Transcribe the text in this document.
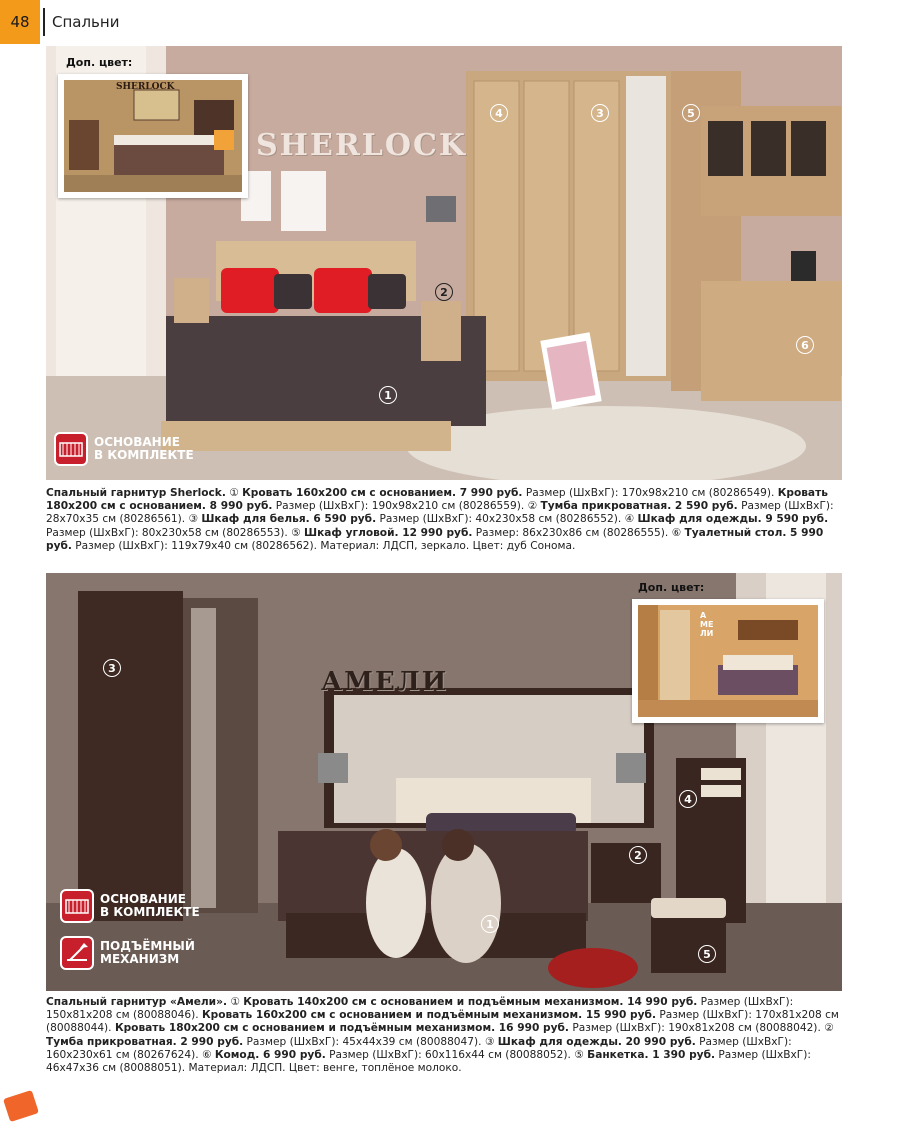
48	Спальни
Доп. цвет:
SHERLOCK
SHERLOCK
1
2
3
4	5
6
ОСНОВАНИЕ
В КОМПЛЕКТЕ
Спальный гарнитур Sherlock. ① Кровать 160x200 см с основанием. 7 990 руб. Размер (ШхВхГ): 170x98x210 см (80286549). Кровать 180x200 см с основанием. 8 990 руб. Размер (ШхВхГ): 190x98x210 см (80286559). ② Тумба прикроватная. 2 590 руб. Размер (ШхВхГ): 28x70x35 см (80286561). ③ Шкаф для белья. 6 590 руб. Размер (ШхВхГ): 40x230x58 см (80286552). ④ Шкаф для одежды. 9 590 руб. Размер (ШхВхГ): 80x230x58 см (80286553). ⑤ Шкаф угловой. 12 990 руб. Размер: 86x230x86 см (80286555). ⑥ Туалетный стол. 5 990 руб. Размер (ШхВхГ): 119x79x40 см (80286562). Материал: ЛДСП, зеркало. Цвет: дуб Сонома.
АМЕЛИ
Доп. цвет:
АМЕЛИ
1
2
3
4
5
ОСНОВАНИЕ
В КОМПЛЕКТЕ
ПОДЪЁМНЫЙ
МЕХАНИЗМ
Спальный гарнитур «Амели». ① Кровать 140x200 см с основанием и подъёмным механизмом. 14 990 руб. Размер (ШхВхГ): 150x81x208 см (80088046). Кровать 160x200 см с основанием и подъёмным механизмом. 15 990 руб. Размер (ШхВхГ): 170x81x208 см (80088044). Кровать 180x200 см с основанием и подъёмным механизмом. 16 990 руб. Размер (ШхВхГ): 190x81x208 см (80088042). ② Тумба прикроватная. 2 990 руб. Размер (ШхВхГ): 45x44x39 см (80088047). ③ Шкаф для одежды. 20 990 руб. Размер (ШхВхГ): 160x230x61 см (80267624). ⑥ Комод. 6 990 руб. Размер (ШхВхГ): 60x116x44 см (80088052). ⑤ Банкетка. 1 390 руб. Размер (ШхВхГ): 46x47x36 см (80088051). Материал: ЛДСП. Цвет: венге, топлёное молоко.
